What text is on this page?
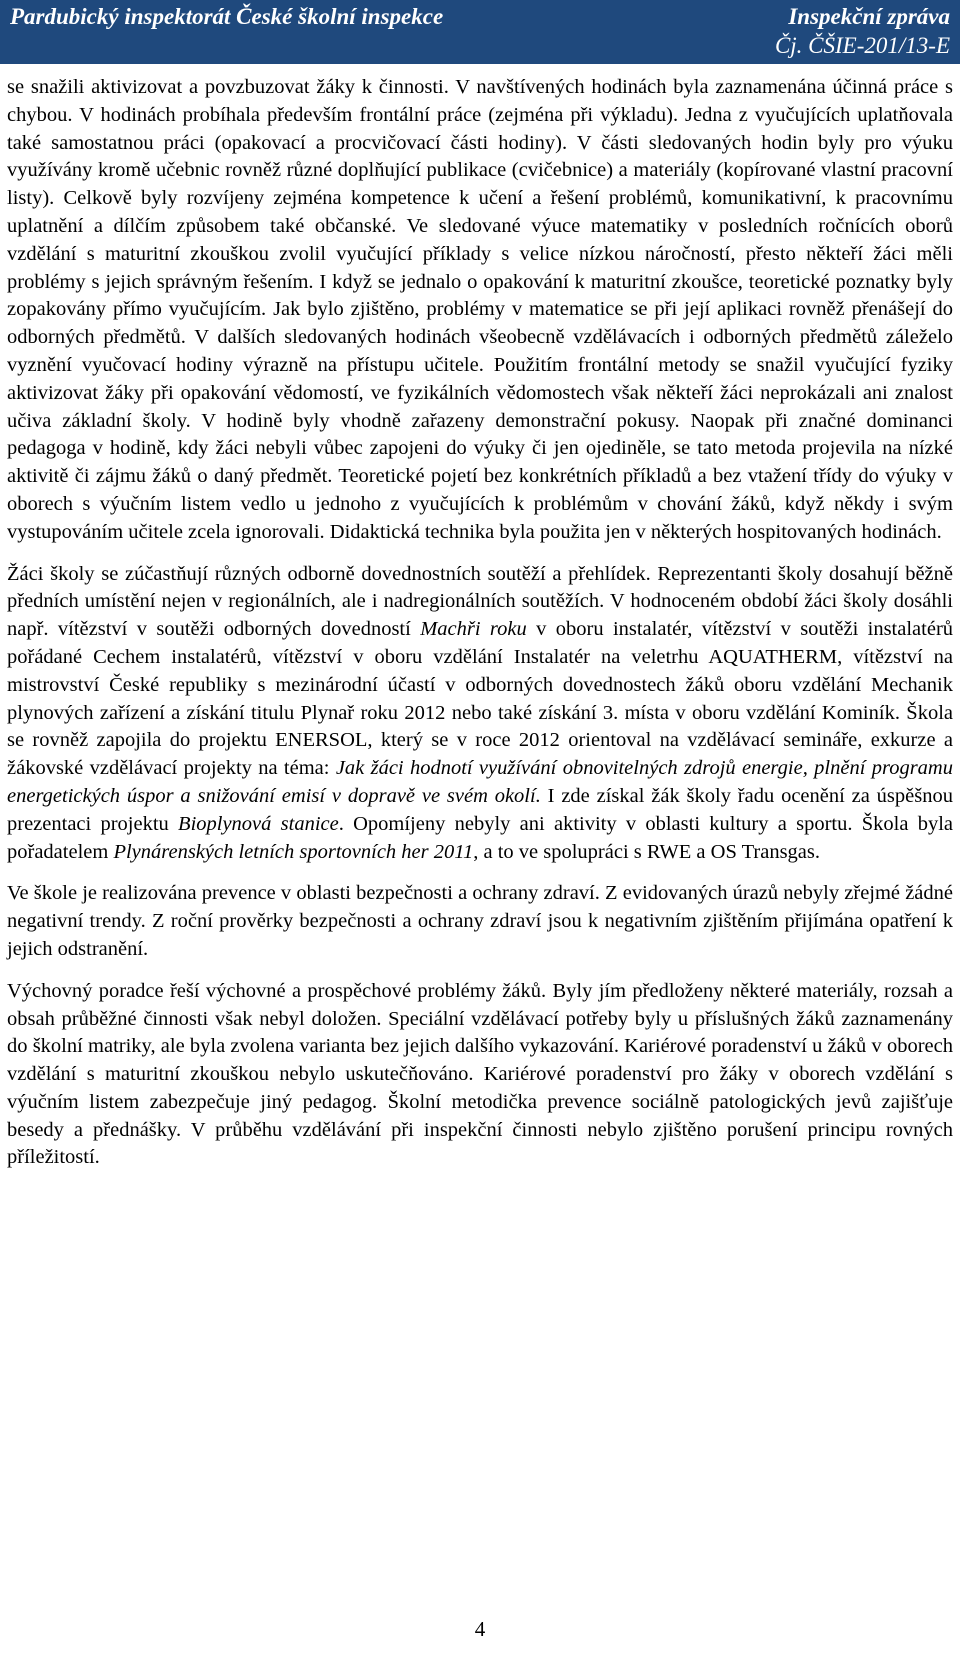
Pardubický inspektorát České školní inspekce	Inspekční zpráva
Čj. ČŠIE-201/13-E

se snažili aktivizovat a povzbuzovat žáky k činnosti. V navštívených hodinách byla zaznamenána účinná práce s chybou. V hodinách probíhala především frontální práce (zejména při výkladu). Jedna z vyučujících uplatňovala také samostatnou práci (opakovací a procvičovací části hodiny). V části sledovaných hodin byly pro výuku využívány kromě učebnic rovněž různé doplňující publikace (cvičebnice) a materiály (kopírované vlastní pracovní listy). Celkově byly rozvíjeny zejména kompetence k učení a řešení problémů, komunikativní, k pracovnímu uplatnění a dílčím způsobem také občanské. Ve sledované výuce matematiky v posledních ročnících oborů vzdělání s maturitní zkouškou zvolil vyučující příklady s velice nízkou náročností, přesto někteří žáci měli problémy s jejich správným řešením. I když se jednalo o opakování k maturitní zkoušce, teoretické poznatky byly zopakovány přímo vyučujícím. Jak bylo zjištěno, problémy v matematice se při její aplikaci rovněž přenášejí do odborných předmětů. V dalších sledovaných hodinách všeobecně vzdělávacích i odborných předmětů záleželo vyznění vyučovací hodiny výrazně na přístupu učitele. Použitím frontální metody se snažil vyučující fyziky aktivizovat žáky při opakování vědomostí, ve fyzikálních vědomostech však někteří žáci neprokázali ani znalost učiva základní školy. V hodině byly vhodně zařazeny demonstrační pokusy. Naopak při značné dominanci pedagoga v hodině, kdy žáci nebyli vůbec zapojeni do výuky či jen ojediněle, se tato metoda projevila na nízké aktivitě či zájmu žáků o daný předmět. Teoretické pojetí bez konkrétních příkladů a bez vtažení třídy do výuky v oborech s výučním listem vedlo u jednoho z vyučujících k problémům v chování žáků, když někdy i svým vystupováním učitele zcela ignorovali. Didaktická technika byla použita jen v některých hospitovaných hodinách.

Žáci školy se zúčastňují různých odborně dovednostních soutěží a přehlídek. Reprezentanti školy dosahují běžně předních umístění nejen v regionálních, ale i nadregionálních soutěžích. V hodnoceném období žáci školy dosáhli např. vítězství v soutěži odborných dovedností Machři roku v oboru instalatér, vítězství v soutěži instalatérů pořádané Cechem instalatérů, vítězství v oboru vzdělání Instalatér na veletrhu AQUATHERM, vítězství na mistrovství České republiky s mezinárodní účastí v odborných dovednostech žáků oboru vzdělání Mechanik plynových zařízení a získání titulu Plynař roku 2012 nebo také získání 3. místa v oboru vzdělání Kominík. Škola se rovněž zapojila do projektu ENERSOL, který se v roce 2012 orientoval na vzdělávací semináře, exkurze a žákovské vzdělávací projekty na téma: Jak žáci hodnotí využívání obnovitelných zdrojů energie, plnění programu energetických úspor a snižování emisí v dopravě ve svém okolí. I zde získal žák školy řadu ocenění za úspěšnou prezentaci projektu Bioplynová stanice. Opomíjeny nebyly ani aktivity v oblasti kultury a sportu. Škola byla pořadatelem Plynárenských letních sportovních her 2011, a to ve spolupráci s RWE a OS Transgas.

Ve škole je realizována prevence v oblasti bezpečnosti a ochrany zdraví. Z evidovaných úrazů nebyly zřejmé žádné negativní trendy. Z roční prověrky bezpečnosti a ochrany zdraví jsou k negativním zjištěním přijímána opatření k jejich odstranění.

Výchovný poradce řeší výchovné a prospěchové problémy žáků. Byly jím předloženy některé materiály, rozsah a obsah průběžné činnosti však nebyl doložen. Speciální vzdělávací potřeby byly u příslušných žáků zaznamenány do školní matriky, ale byla zvolena varianta bez jejich dalšího vykazování. Kariérové poradenství u žáků v oborech vzdělání s maturitní zkouškou nebylo uskutečňováno. Kariérové poradenství pro žáky v oborech vzdělání s výučním listem zabezpečuje jiný pedagog. Školní metodička prevence sociálně patologických jevů zajišťuje besedy a přednášky. V průběhu vzdělávání při inspekční činnosti nebylo zjištěno porušení principu rovných příležitostí.

4
